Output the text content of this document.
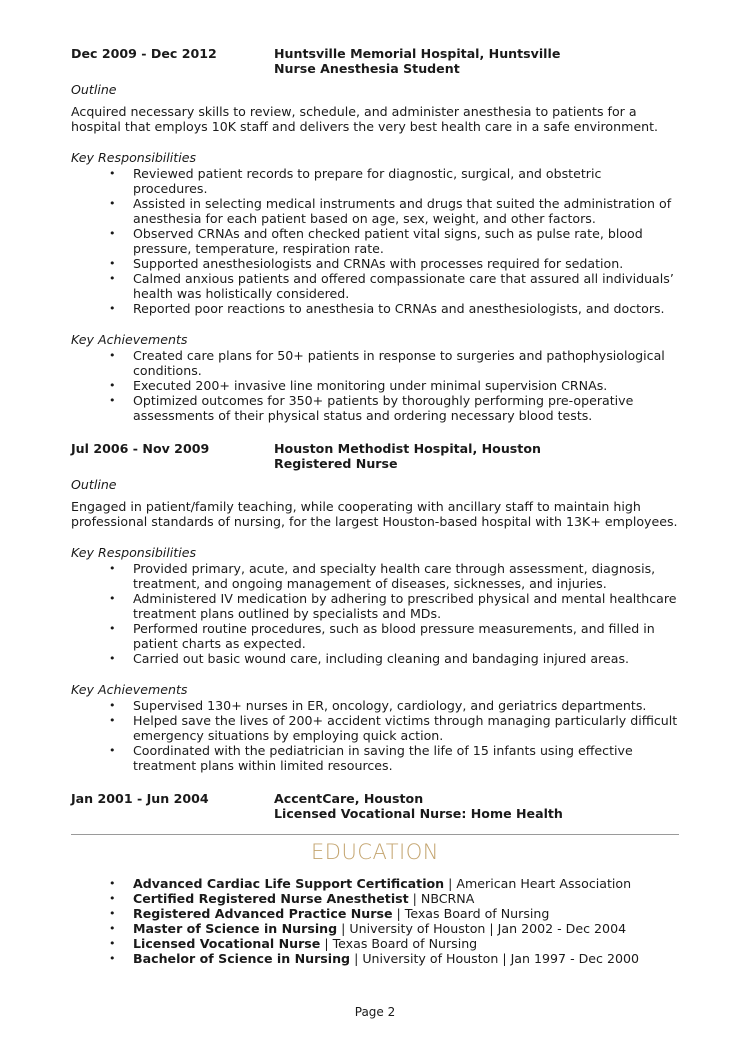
Dec 2009 - Dec 2012	Huntsville Memorial Hospital, Huntsville
Nurse Anesthesia Student
Outline
Acquired necessary skills to review, schedule, and administer anesthesia to patients for a hospital that employs 10K staff and delivers the very best health care in a safe environment.
Key Responsibilities
• Reviewed patient records to prepare for diagnostic, surgical, and obstetric procedures.
• Assisted in selecting medical instruments and drugs that suited the administration of anesthesia for each patient based on age, sex, weight, and other factors.
• Observed CRNAs and often checked patient vital signs, such as pulse rate, blood pressure, temperature, respiration rate.
• Supported anesthesiologists and CRNAs with processes required for sedation.
• Calmed anxious patients and offered compassionate care that assured all individuals’ health was holistically considered.
• Reported poor reactions to anesthesia to CRNAs and anesthesiologists, and doctors.
Key Achievements
• Created care plans for 50+ patients in response to surgeries and pathophysiological conditions.
• Executed 200+ invasive line monitoring under minimal supervision CRNAs.
• Optimized outcomes for 350+ patients by thoroughly performing pre-operative assessments of their physical status and ordering necessary blood tests.
Jul 2006 - Nov 2009	Houston Methodist Hospital, Houston
Registered Nurse
Outline
Engaged in patient/family teaching, while cooperating with ancillary staff to maintain high professional standards of nursing, for the largest Houston-based hospital with 13K+ employees.
Key Responsibilities
• Provided primary, acute, and specialty health care through assessment, diagnosis, treatment, and ongoing management of diseases, sicknesses, and injuries.
• Administered IV medication by adhering to prescribed physical and mental healthcare treatment plans outlined by specialists and MDs.
• Performed routine procedures, such as blood pressure measurements, and filled in patient charts as expected.
• Carried out basic wound care, including cleaning and bandaging injured areas.
Key Achievements
• Supervised 130+ nurses in ER, oncology, cardiology, and geriatrics departments.
• Helped save the lives of 200+ accident victims through managing particularly difficult emergency situations by employing quick action.
• Coordinated with the pediatrician in saving the life of 15 infants using effective treatment plans within limited resources.
Jan 2001 - Jun 2004	AccentCare, Houston
Licensed Vocational Nurse: Home Health
EDUCATION
• Advanced Cardiac Life Support Certification | American Heart Association
• Certified Registered Nurse Anesthetist | NBCRNA
• Registered Advanced Practice Nurse | Texas Board of Nursing
• Master of Science in Nursing | University of Houston | Jan 2002 - Dec 2004
• Licensed Vocational Nurse | Texas Board of Nursing
• Bachelor of Science in Nursing | University of Houston | Jan 1997 - Dec 2000
Page 2
